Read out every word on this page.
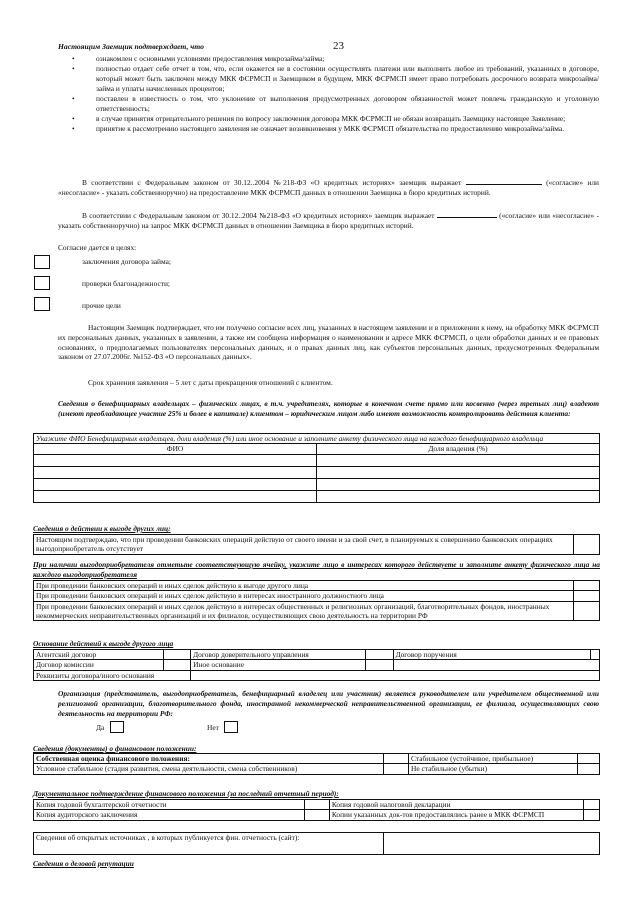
Настоящим Заемщик подтверждает, что	23
•	ознакомлен с основными условиями предоставления микрозайма/займа;
•	полностью отдает себе отчет в том, что, если окажется не в состоянии осуществлять платежи или выполнить любое из требований, указанных в договоре, который может быть заключен между МКК ФСРМСП и Заемщиком в будущем, МКК ФСРМСП имеет право потребовать досрочного возврата микрозайма/займа и уплаты начисленных процентов;
•	поставлен в известность о том, что уклонение от выполнения предусмотренных договором обязанностей может повлечь гражданскую и уголовную ответственность;
•	в случае принятия отрицательного решения по вопросу заключения договора МКК ФСРМСП не обязан возвращать Заемщику настоящее Заявление;
•	принятие к рассмотрению настоящего заявления не означает возникновения у МКК ФСРМСП обязательства по предоставлению микрозайма/займа.
В соответствии с Федеральным законом от 30.12..2004 №218-ФЗ «О кредитных историях» заемщик выражает	(«согласие» или «несогласие» - указать собственноручно) на предоставление МКК ФСРМСП данных в отношении Заемщика в бюро кредитных историй.
В соответствии с Федеральным законом от 30.12..2004 №218-ФЗ «О кредитных историях» заемщик выражает	(«согласие» или «несогласие» - указать собственноручно) на запрос МКК ФСРМСП данных в отношении Заемщика в бюро кредитных историй.
Согласие дается в целях:
заключения договора займа;
проверки благонадежности;
прочие цели
Настоящим Заемщик подтверждает, что им получено согласие всех лиц, указанных в настоящем заявлении и в приложении к нему, на обработку МКК ФСРМСП их персональных данных, указанных в заявлении, а также им сообщена информация о наименовании и адресе МКК ФСРМСП, о цели обработки данных и ее правовых основаниях, о предполагаемых пользователях персональных данных, и о правах данных лиц, как субъектов персональных данных, предусмотренных Федеральным законом от 27.07.2006г. №152-ФЗ «О персональных данных».
Срок хранения заявления – 5 лет с даты прекращения отношений с клиентом.
Сведения о бенефициарных владельцах – физических лицах, в т.ч. учредителях, которые в конечном счете прямо или косвенно (через третьих лиц) владеют (имеют преобладающее участие 25% и более в капитале) клиентом – юридическим лицом либо имеют возможность контролировать действия клиента:
Укажите ФИО Бенефициарных владельцев, доли владения (%) или иное основание и заполните анкету физического лица на каждого бенефициарного владельца	
ФИО	Доля владения (%)

Сведения о действии к выгоде других лиц:
Настоящим подтверждаю, что при проведении банковских операций действую от своего имени и за свой счет, в планируемых к совершению банковских операциях выгодоприобретатель отсутствует	
При наличии выгодоприобретателя отметьте соответствующую ячейку, укажите лицо в интересах которого действуете и заполните анкету физического лица на каждого выгодоприобретателя
При проведении банковских операций и иных сделок действую к выгоде другого лица	
При проведении банковских операций и иных сделок действую в интересах иностранного должностного лица	
При проведении банковских операций и иных сделок действую в интересах общественных и религиозных организаций, благотворительных фондов, иностранных некоммерческих неправительственных организаций и их филиалов, осуществляющих свою деятельность на территории РФ	
Основание действий к выгоде другого лица
Агентский договор		Договор доверительного управления		Договор поручения	
Договор комиссии		Иное основание			
Реквизиты договора/иного основания					
Организация (представитель, выгодоприобретатель, бенефициарный владелец или участник) является руководителем или учредителем общественной или религиозной организации, благотворительного фонда, иностранной некоммерческой неправительственной организации, ее филиала, осуществляющих свою деятельность на территории РФ:
Да	Нет
Сведения (документы) о финансовом положении:
Собственная оценка финансового положения:		Стабильное (устойчивое, прибыльное)	
Условное стабильное (стадия развития, смена деятельности, смена собственников)		Не стабильное (убытки)	
Документальное подтверждение финансового положения (за последний отчетный период):
Копия годовой бухгалтерской отчетности		Копия годовой налоговой декларации	
Копия аудиторского заключения		Копии указанных док-тов предоставлялись ранее в МКК ФСРМСП	
Сведения об открытых источниках , в которых публикуется фин. отчетность (сайт):	
Сведения о деловой репутации
